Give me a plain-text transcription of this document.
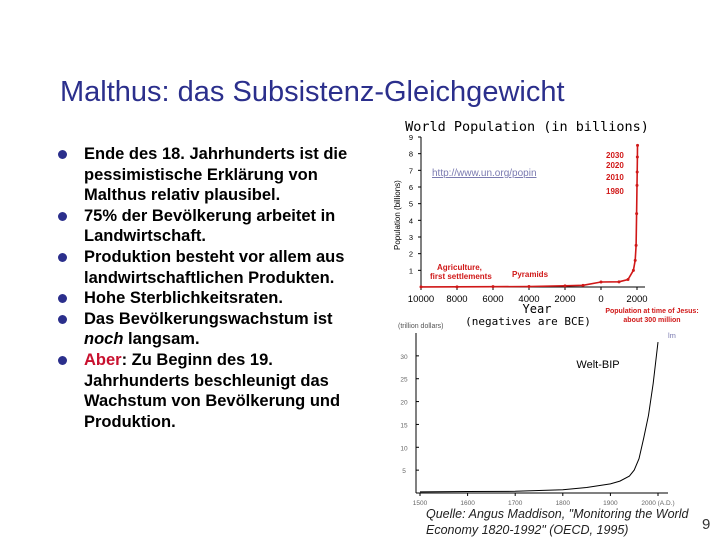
Malthus: das Subsistenz-Gleichgewicht
Ende des 18. Jahrhunderts ist die pessimistische Erklärung von Malthus relativ plausibel.
75% der Bevölkerung arbeitet in Landwirtschaft.
Produktion besteht vor allem aus landwirtschaftlichen Produkten.
Hohe Sterblichkeitsraten.
Das Bevölkerungswachstum ist noch langsam.
Aber: Zu Beginn des 19. Jahrhunderts beschleunigt das Wachstum von Bevölkerung und Produktion.
World Population (in billions)
Population (billions)
1
2
3
4
5
6
7
8
9
10000 8000 6000 4000 2000 0 2000
http://www.un.org/popin
2030
2020
2010
1980
Agriculture,
first settlements	Pyramids
Population at time of Jesus:
about 300 million
Year
(negatives are BCE)
(trillion dollars)
lm
5
10
15
20
25
30
1500	1600	1700	1800	1900	2000 (A.D.)
Welt-BIP
Quelle: Angus Maddison, "Monitoring the World
Economy 1820-1992" (OECD, 1995)	9
